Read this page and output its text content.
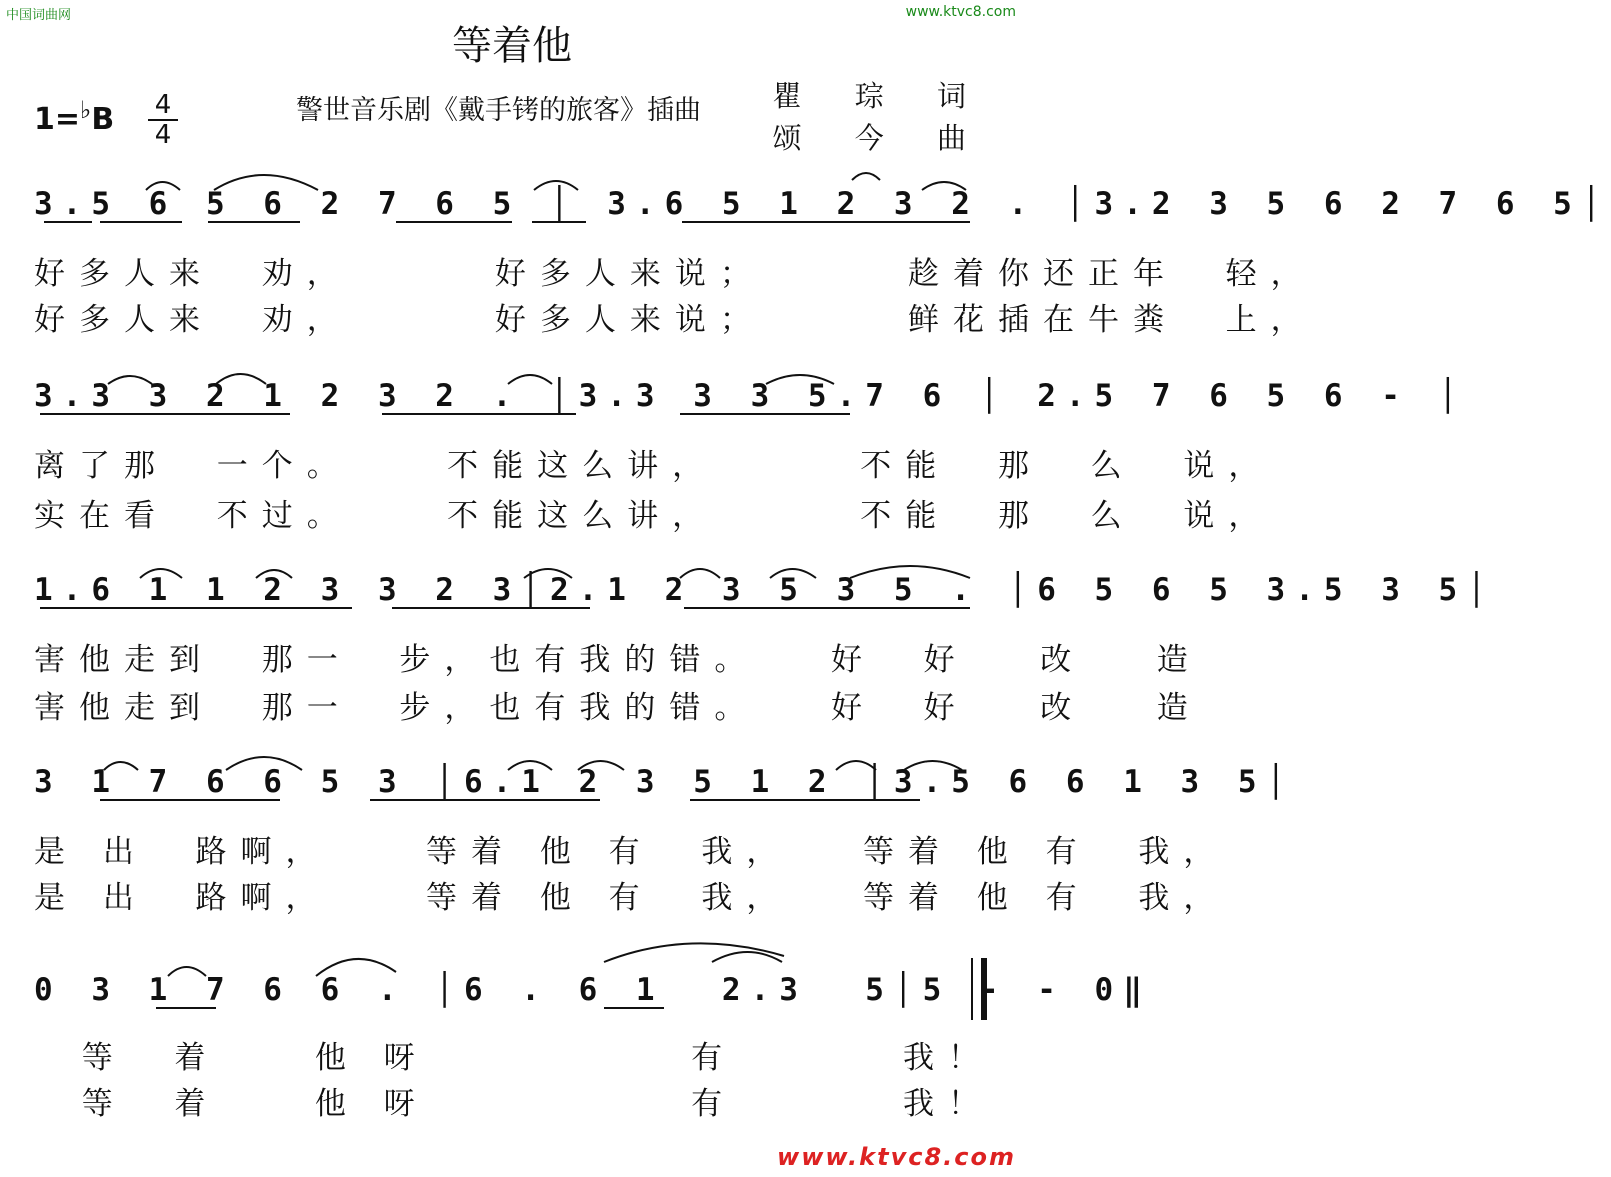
中国词曲网	www.ktvc8.com
等着他
1=♭B 4
4
警世音乐剧《戴手铐的旅客》插曲 瞿 琮 词
颂 今 曲
3.5 6 5 6 2 7 6 5 │ 3.6 5 1 2 3 2 . │3.2 3 5 6 2 7 6 5│
好多人来  劝，      好多人来说；      趁着你还正年  轻，
好多人来  劝，      好多人来说；      鲜花插在牛粪  上，
3.3 3 2 1 2 3 2 . │3.3 3 3 5.7 6 │ 2.5 7 6 5 6 - │
离了那  一个。    不能这么讲，      不能  那  么  说，
实在看  不过。    不能这么讲，      不能  那  么  说，
1.6 1 1 2 3 3 2 3│2.1 2 3 5 3 5 . │6 5 6 5 3.5 3 5│
害他走到  那一  步，也有我的错。   好  好   改   造
害他走到  那一  步，也有我的错。   好  好   改   造
3 1 7 6 6 5 3 │6.1 2 3 5 1 2 │3.5 6 6 1 3 5│
是 出  路啊，    等着 他 有  我，   等着 他 有  我，
是 出  路啊，    等着 他 有  我，   等着 他 有  我，
0 3 1 7 6 6 . │6 . 6 1  2.3  5│5 - - 0‖
等  着    他 呀           有       我！
等  着    他 呀           有       我！
www.ktvc8.com
